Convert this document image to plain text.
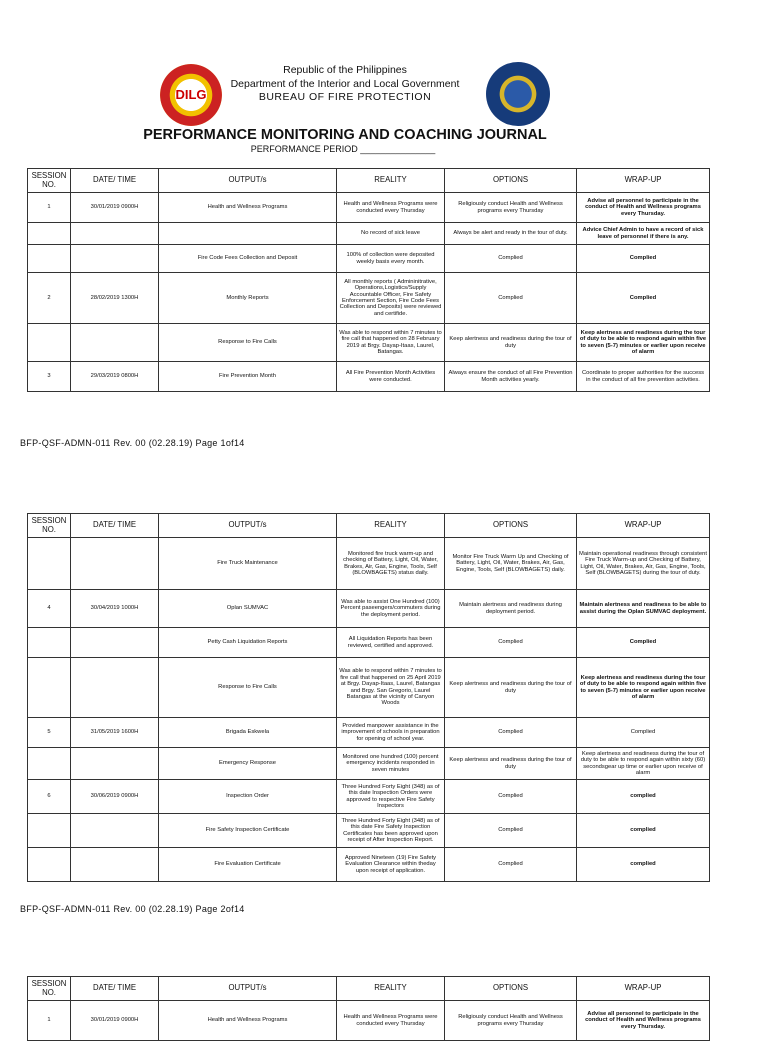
DILG
Republic of the Philippines
Department of the Interior and Local Government
BUREAU OF FIRE PROTECTION
PERFORMANCE MONITORING AND COACHING JOURNAL
PERFORMANCE PERIOD _______________
SESSION NO.	DATE/ TIME	OUTPUT/s	REALITY	OPTIONS	WRAP-UP
1	30/01/2019 0900H	Health and Wellness Programs	Health and Wellness Programs were conducted every Thursday	Religiously conduct Health and Wellness programs every Thursday	Advise all personnel to participate in the conduct of Health and Wellness programs every Thursday.
			No record of sick leave	Always be alert and ready in the tour of duty.	Advice Chief Admin to have a record of sick leave of personnel if there is any.
		Fire Code Fees Collection and Deposit	100% of collection were deposited weekly basis every month.	Complied	Complied
2	28/02/2019 1300H	Monthly Reports	All monthly reports ( Admininitrative, Operations,Logistics/Supply Accountable Officer, Fire Safety Enforcement Section, Fire Code Fees Collection and Deposits) were reviewed and certifide.	Complied	Complied
		Response to Fire Calls	Was able to respond within 7 minutes to fire call that happened on 28 February 2019 at Brgy. Dayap-Itaas, Laurel, Batangas.	Keep alertness and readiness during the tour of duty	Keep alertness and readiness during the tour of duty to be able to respond again within five to seven (5-7) minutes or earlier upon receive of alarm
3	29/03/2019 0800H	Fire Prevention Month	All Fire Prevention Month Activities were conducted.	Always ensure the conduct of all Fire Prevention Month activities yearly.	Coordinate to proper authorities for the success in the conduct of all fire prevention activities.
BFP-QSF-ADMN-011 Rev. 00 (02.28.19) Page 1of14
SESSION NO.	DATE/ TIME	OUTPUT/s	REALITY	OPTIONS	WRAP-UP
		Fire Truck Maintenance	Monitored fire truck warm-up and checking of Battery, Light, Oil, Water, Brakes, Air, Gas, Engine, Tools, Self (BLOWBAGETS) status daily.	Monitor Fire Truck Warm Up and Checking of Battery, Light, Oil, Water, Brakes, Air, Gas, Engine, Tools, Self (BLOWBAGETS) daily.	Maintain operational readiness through consistent Fire Truck Warm-up and Checking of Battery, Light, Oil, Water, Brakes, Air, Gas, Engine, Tools, Self (BLOWBAGETS) during the tour of duty.
4	30/04/2019 1000H	Oplan SUMVAC	Was able to assist One Hundred (100) Percent paseengers/commuters during the deployment period.	Maintain alertness and readiness during deployment period.	Maintain alertness and readiness to be able to assist during the Oplan SUMVAC deployment.
		Petty Cash Liquidation Reports	All Liquidation Reports has been reviewed, certified and approved.	Complied	Complied
		Response to Fire Calls	Was able to respond within 7 minutes to fire call that happened on 25 April 2019 at Brgy. Dayap-Itaas, Laurel, Batangas and Brgy. San Gregorio, Laurel Batangas at the vicinity of Canyon Woods	Keep alertness and readiness during the tour of duty	Keep alertness and readiness during the tour of duty to be able to respond again within five to seven (5-7) minutes or earlier upon receive of alarm
5	31/05/2019 1600H	Brigada Eskwela	Provided manpower assistance in the improvement of schools in preparation for opening of school year.	Complied	Complied
		Emergency Response	Monitored one hundred (100) percent emergency incidents responded in seven minutes	Keep alertness and readiness during the tour of duty	Keep alertness and readiness during the tour of duty to be able to respond again within sixty (60) secondsgear up time or earlier upon receive of alarm
6	30/06/2019 0900H	Inspection Order	Three Hundred Forty Eight (348) as of this date Inspection Orders were approved to respective Fire Safety Inspectors	Complied	complied
		Fire Safety Inspection Certificate	Three Hundred Forty Eight (348) as of this date Fire Safety Inspection Certificates has been approved upon receipt of After Inspection Report.	Complied	complied
		Fire Evaluation Certificate	Approved Nineteen (19) Fire Safety Evaluation Clearance within theday upon receipt of application.	Complied	complied
BFP-QSF-ADMN-011 Rev. 00 (02.28.19) Page 2of14
SESSION NO.	DATE/ TIME	OUTPUT/s	REALITY	OPTIONS	WRAP-UP
1	30/01/2019 0900H	Health and Wellness Programs	Health and Wellness Programs were conducted every Thursday	Religiously conduct Health and Wellness programs every Thursday	Advise all personnel to participate in the conduct of Health and Wellness programs every Thursday.
